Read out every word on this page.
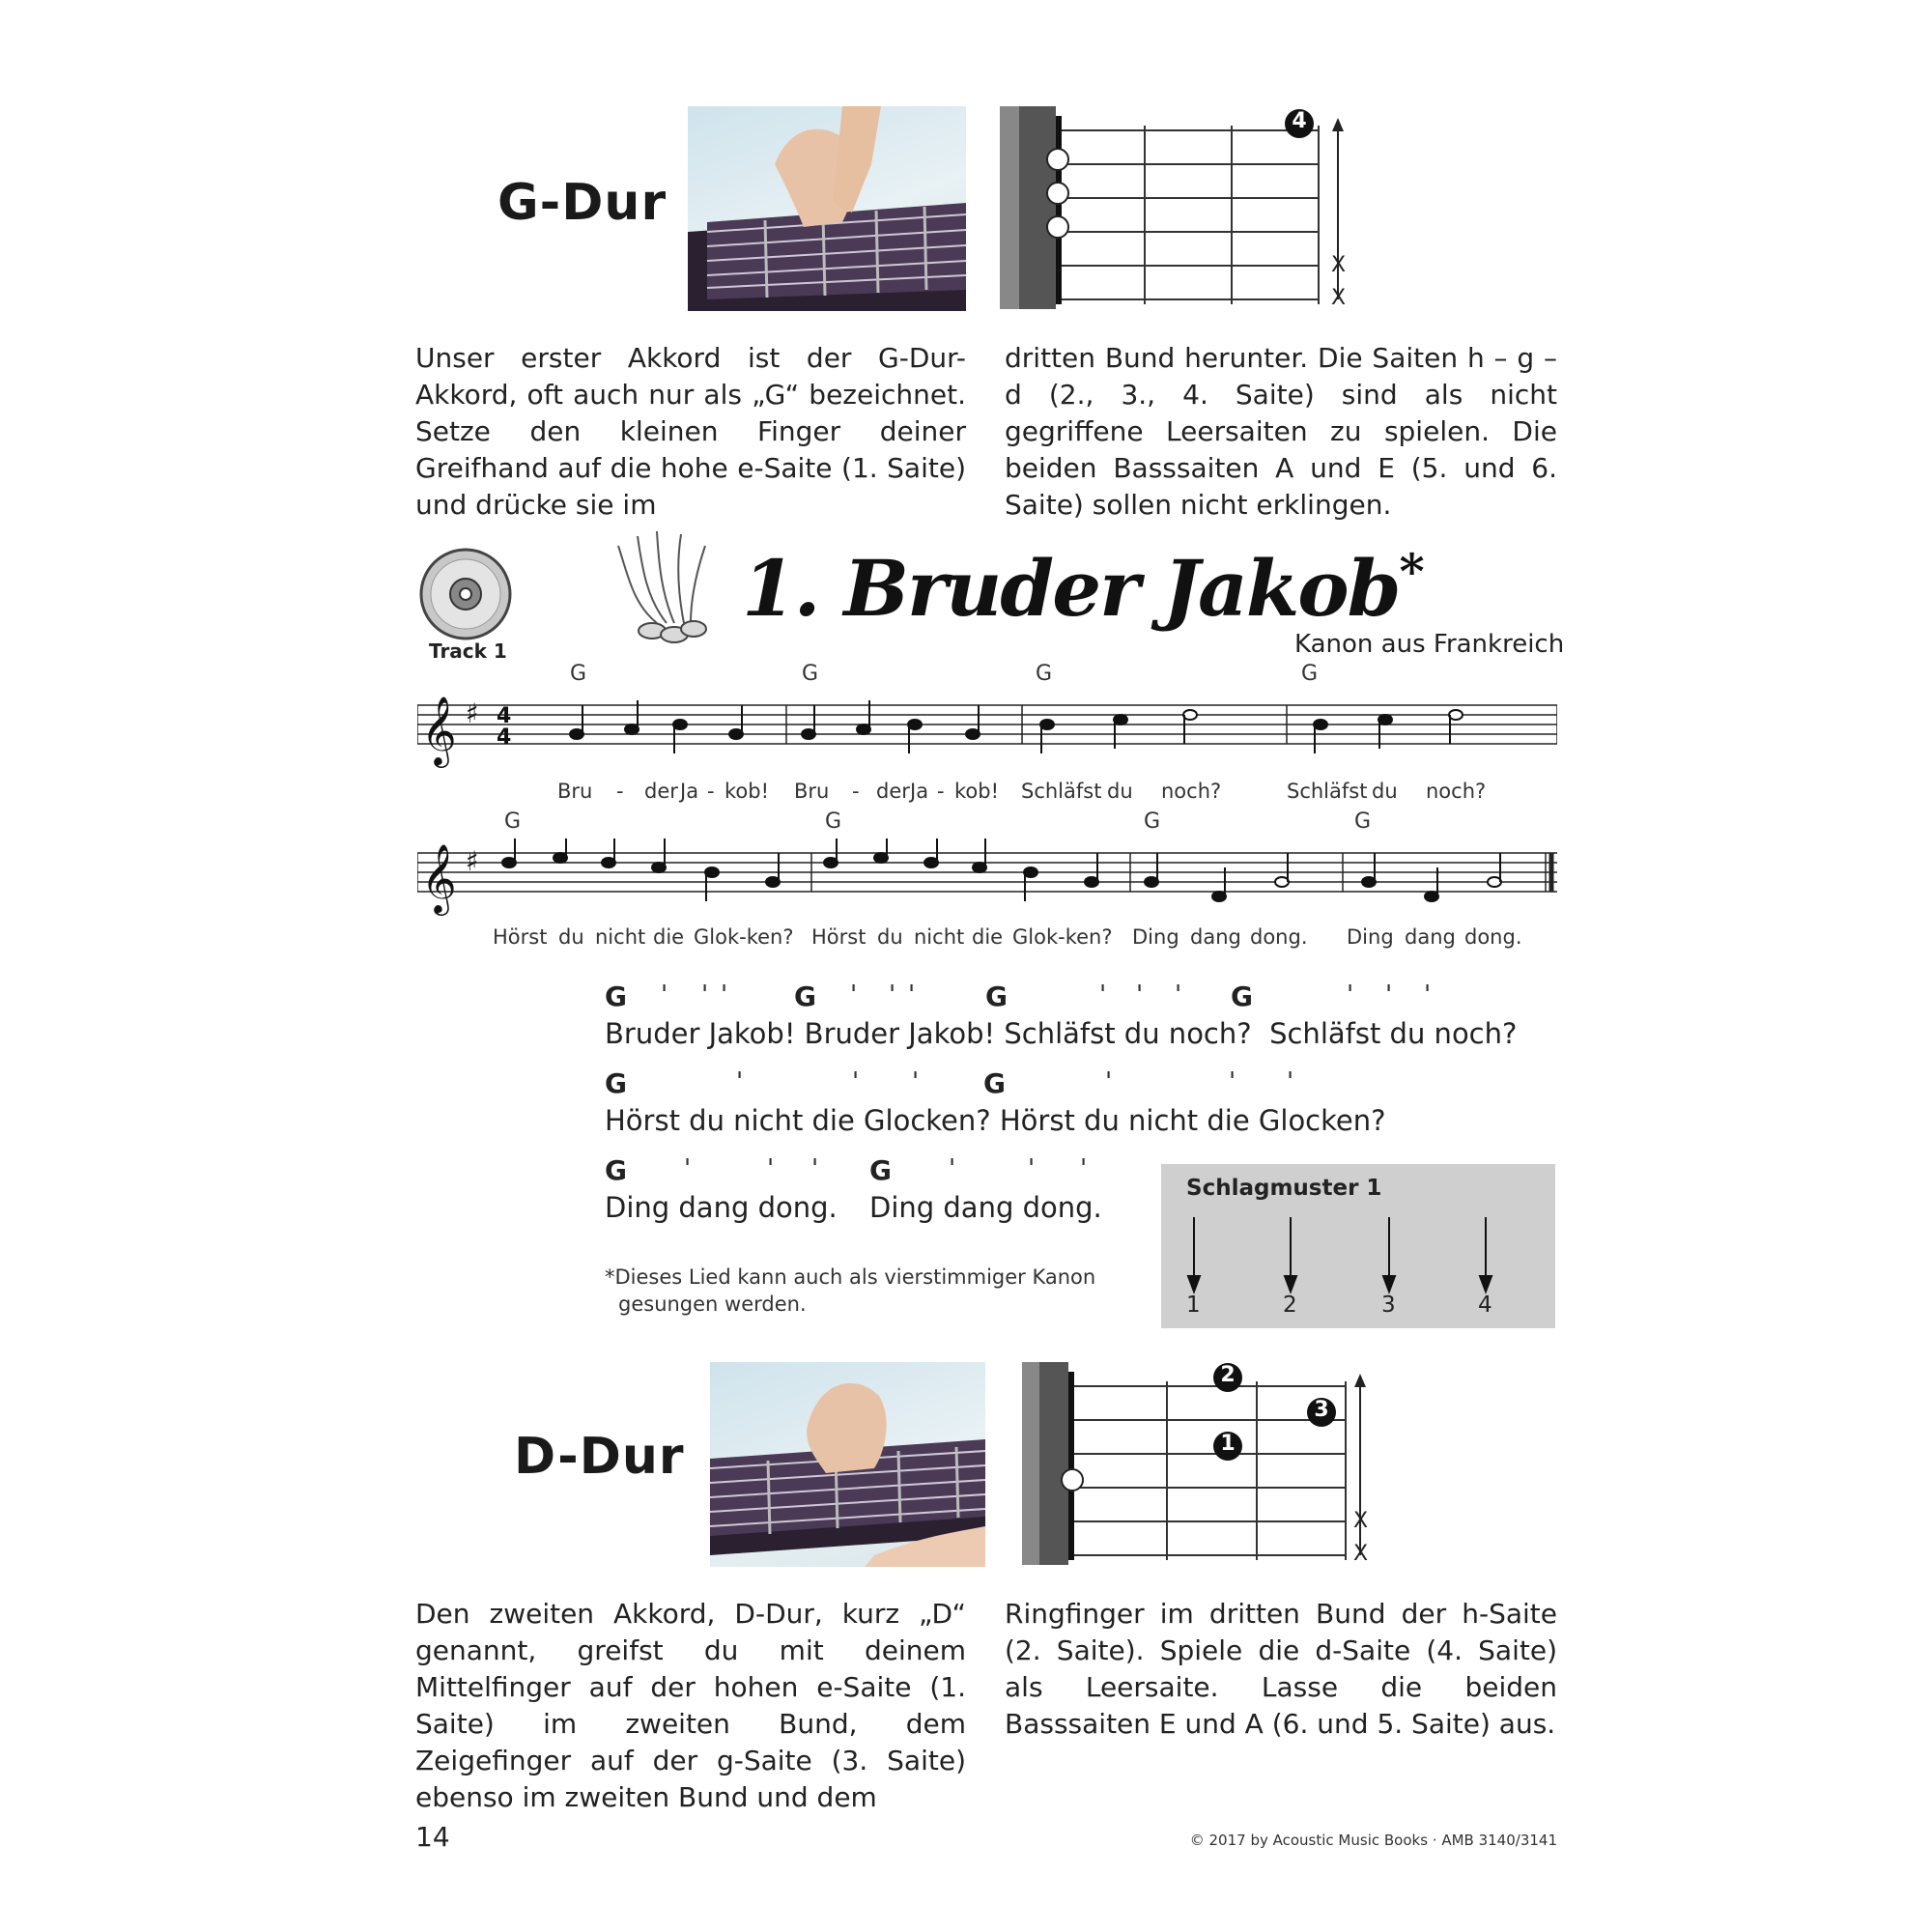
G-Dur
4
X
X
Unser erster Akkord ist der G-Dur-Akkord, oft auch nur als „G“ bezeichnet. Setze den kleinen Finger deiner Greifhand auf die hohe e-Saite (1. Saite) und drücke sie im
dritten Bund herunter. Die Saiten h – g – d (2., 3., 4. Saite) sind als nicht gegriffene Leersaiten zu spielen. Die beiden Basssaiten A und E (5. und 6. Saite) sollen nicht erklingen.
Track 1
1. Bruder Jakob*
Kanon aus Frankreich
G	G	G	G
𝄞 ♯ 4
4
Bru - der Ja - kob! Bru - der Ja - kob! Schläfst du noch?	Schläfst du noch?
G	G	G	G
𝄞 ♯
Hörst du nicht die Glok-ken? Hörst du nicht die Glok-ken? Ding dang dong. Ding dang dong.
G ' ' ' G ' ' '	G	' ' ' G	' ' '
Bruder Jakob! Bruder Jakob! Schläfst du noch?  Schläfst du noch?
G	'	' ' G	'	' '
Hörst du nicht die Glocken? Hörst du nicht die Glocken?
G '	' ' G '	' '
Ding dang dong. Ding dang dong.
*Dieses Lied kann auch als vierstimmiger Kanon
gesungen werden.
Schlagmuster 1
1	2	3	4
D-Dur
2
3
1
X
X
Den zweiten Akkord, D-Dur, kurz „D“ genannt, greifst du mit deinem Mittelfinger auf der hohen e-Saite (1. Saite) im zweiten Bund, dem Zeigefinger auf der g-Saite (3. Saite) ebenso im zweiten Bund und dem
Ringfinger im dritten Bund der h-Saite (2. Saite). Spiele die d-Saite (4. Saite) als Leersaite. Lasse die beiden Basssaiten E und A (6. und 5. Saite) aus.
14	© 2017 by Acoustic Music Books · AMB 3140/3141
